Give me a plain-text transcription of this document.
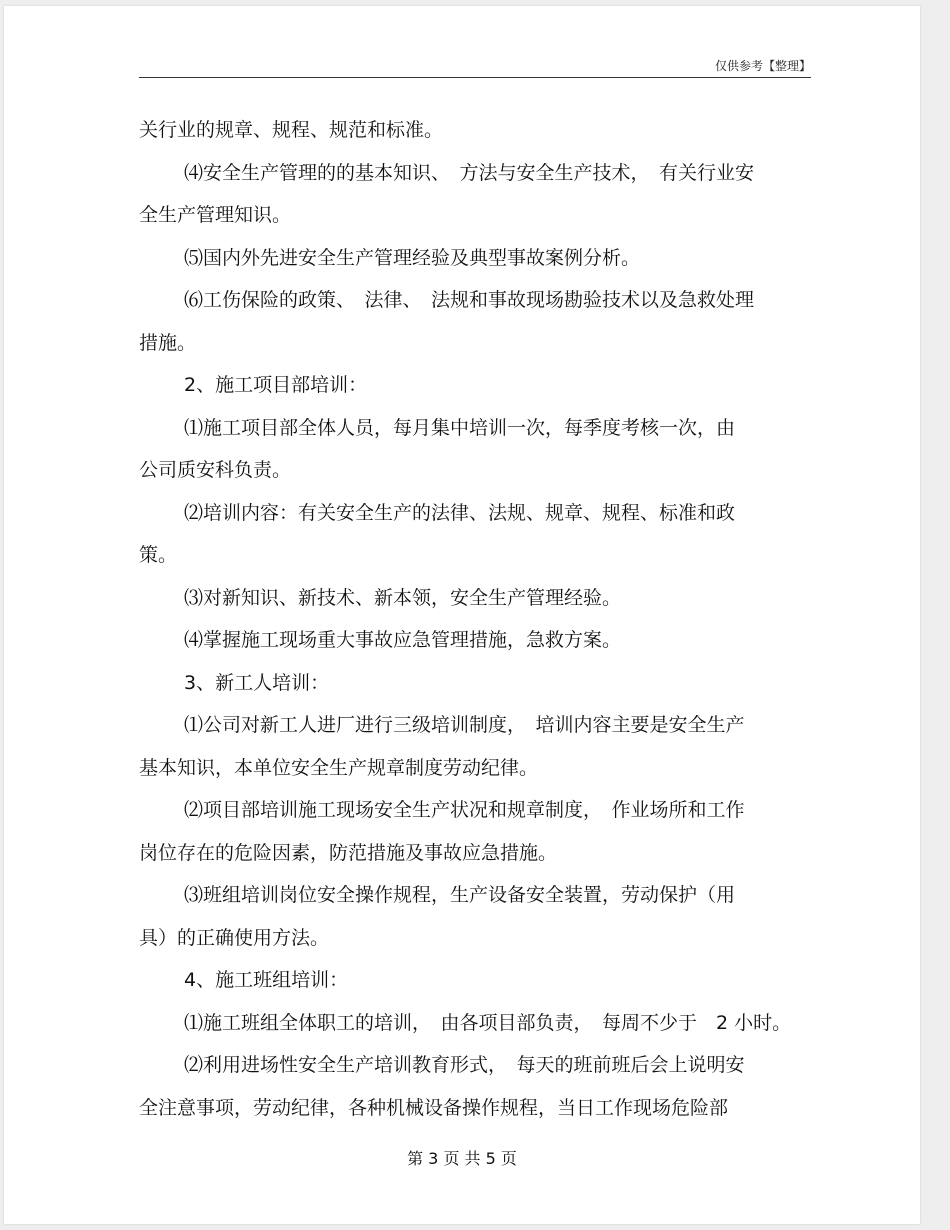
仅供参考【整理】

关行业的规章、规程、规范和标准。

⑷安全生产管理的的基本知识、　方法与安全生产技术，　有关行业安

全生产管理知识。

⑸国内外先进安全生产管理经验及典型事故案例分析。

⑹工伤保险的政策、　法律、　法规和事故现场勘验技术以及急救处理

措施。

2、施工项目部培训：

⑴施工项目部全体人员，每月集中培训一次，每季度考核一次，由

公司质安科负责。

⑵培训内容：有关安全生产的法律、法规、规章、规程、标准和政

策。

⑶对新知识、新技术、新本领，安全生产管理经验。

⑷掌握施工现场重大事故应急管理措施，急救方案。

3、新工人培训：

⑴公司对新工人进厂进行三级培训制度，　培训内容主要是安全生产

基本知识，本单位安全生产规章制度劳动纪律。

⑵项目部培训施工现场安全生产状况和规章制度，　作业场所和工作

岗位存在的危险因素，防范措施及事故应急措施。

⑶班组培训岗位安全操作规程，生产设备安全装置，劳动保护（用

具）的正确使用方法。

4、施工班组培训：

⑴施工班组全体职工的培训，　由各项目部负责，　每周不少于　2 小时。

⑵利用进场性安全生产培训教育形式，　每天的班前班后会上说明安

全注意事项，劳动纪律，各种机械设备操作规程，当日工作现场危险部

第 3 页 共 5 页
